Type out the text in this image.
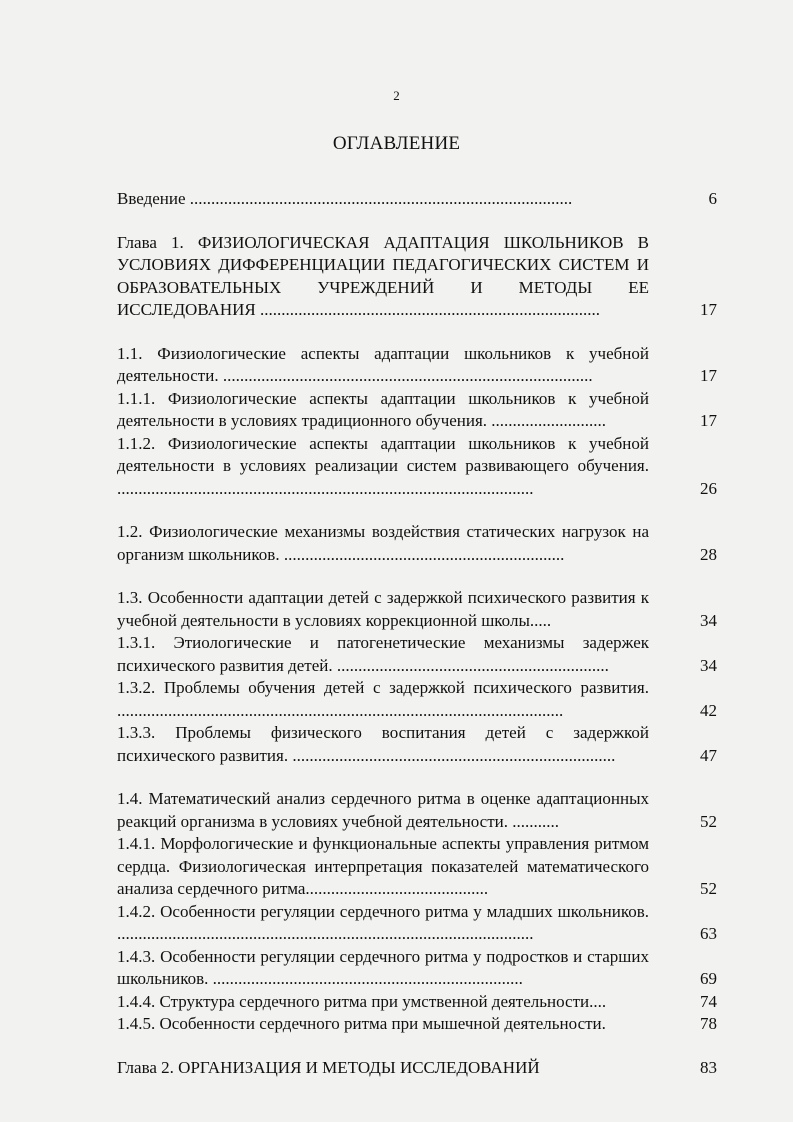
2
ОГЛАВЛЕНИЕ
Введение ..........................................................................................	6
Глава 1. ФИЗИОЛОГИЧЕСКАЯ АДАПТАЦИЯ ШКОЛЬНИКОВ В УСЛОВИЯХ ДИФФЕРЕНЦИАЦИИ ПЕДАГОГИЧЕСКИХ СИСТЕМ И ОБРАЗОВАТЕЛЬНЫХ УЧРЕЖДЕНИЙ И МЕТОДЫ ЕЕ ИССЛЕДОВАНИЯ ................................................................................	17
1.1. Физиологические аспекты адаптации школьников к учебной деятельности. .......................................................................................	17
1.1.1. Физиологические аспекты адаптации школьников к учебной деятельности в условиях традиционного обучения. ...........................	17
1.1.2. Физиологические аспекты адаптации школьников к учебной деятельности в условиях реализации систем развивающего обучения. ..................................................................................................	26
1.2. Физиологические механизмы воздействия статических нагрузок на организм школьников. ..................................................................	28
1.3. Особенности адаптации детей с задержкой психического развития к учебной деятельности в условиях коррекционной школы.....	34
1.3.1. Этиологические и патогенетические механизмы задержек психического развития детей. ................................................................	34
1.3.2. Проблемы обучения детей с задержкой психического развития. .........................................................................................................	42
1.3.3. Проблемы физического воспитания детей с задержкой психического развития. ............................................................................	47
1.4. Математический анализ сердечного ритма в оценке адаптационных реакций организма в условиях учебной деятельности. ...........	52
1.4.1. Морфологические и функциональные аспекты управления ритмом сердца. Физиологическая интерпретация показателей математического анализа сердечного ритма...........................................	52
1.4.2. Особенности регуляции сердечного ритма у младших школьников. ..................................................................................................	63
1.4.3. Особенности регуляции сердечного ритма у подростков и старших школьников. .........................................................................	69
1.4.4. Структура сердечного ритма при умственной деятельности....	74
1.4.5. Особенности сердечного ритма при мышечной деятельности.	78
Глава 2. ОРГАНИЗАЦИЯ И МЕТОДЫ ИССЛЕДОВАНИЙ	83
